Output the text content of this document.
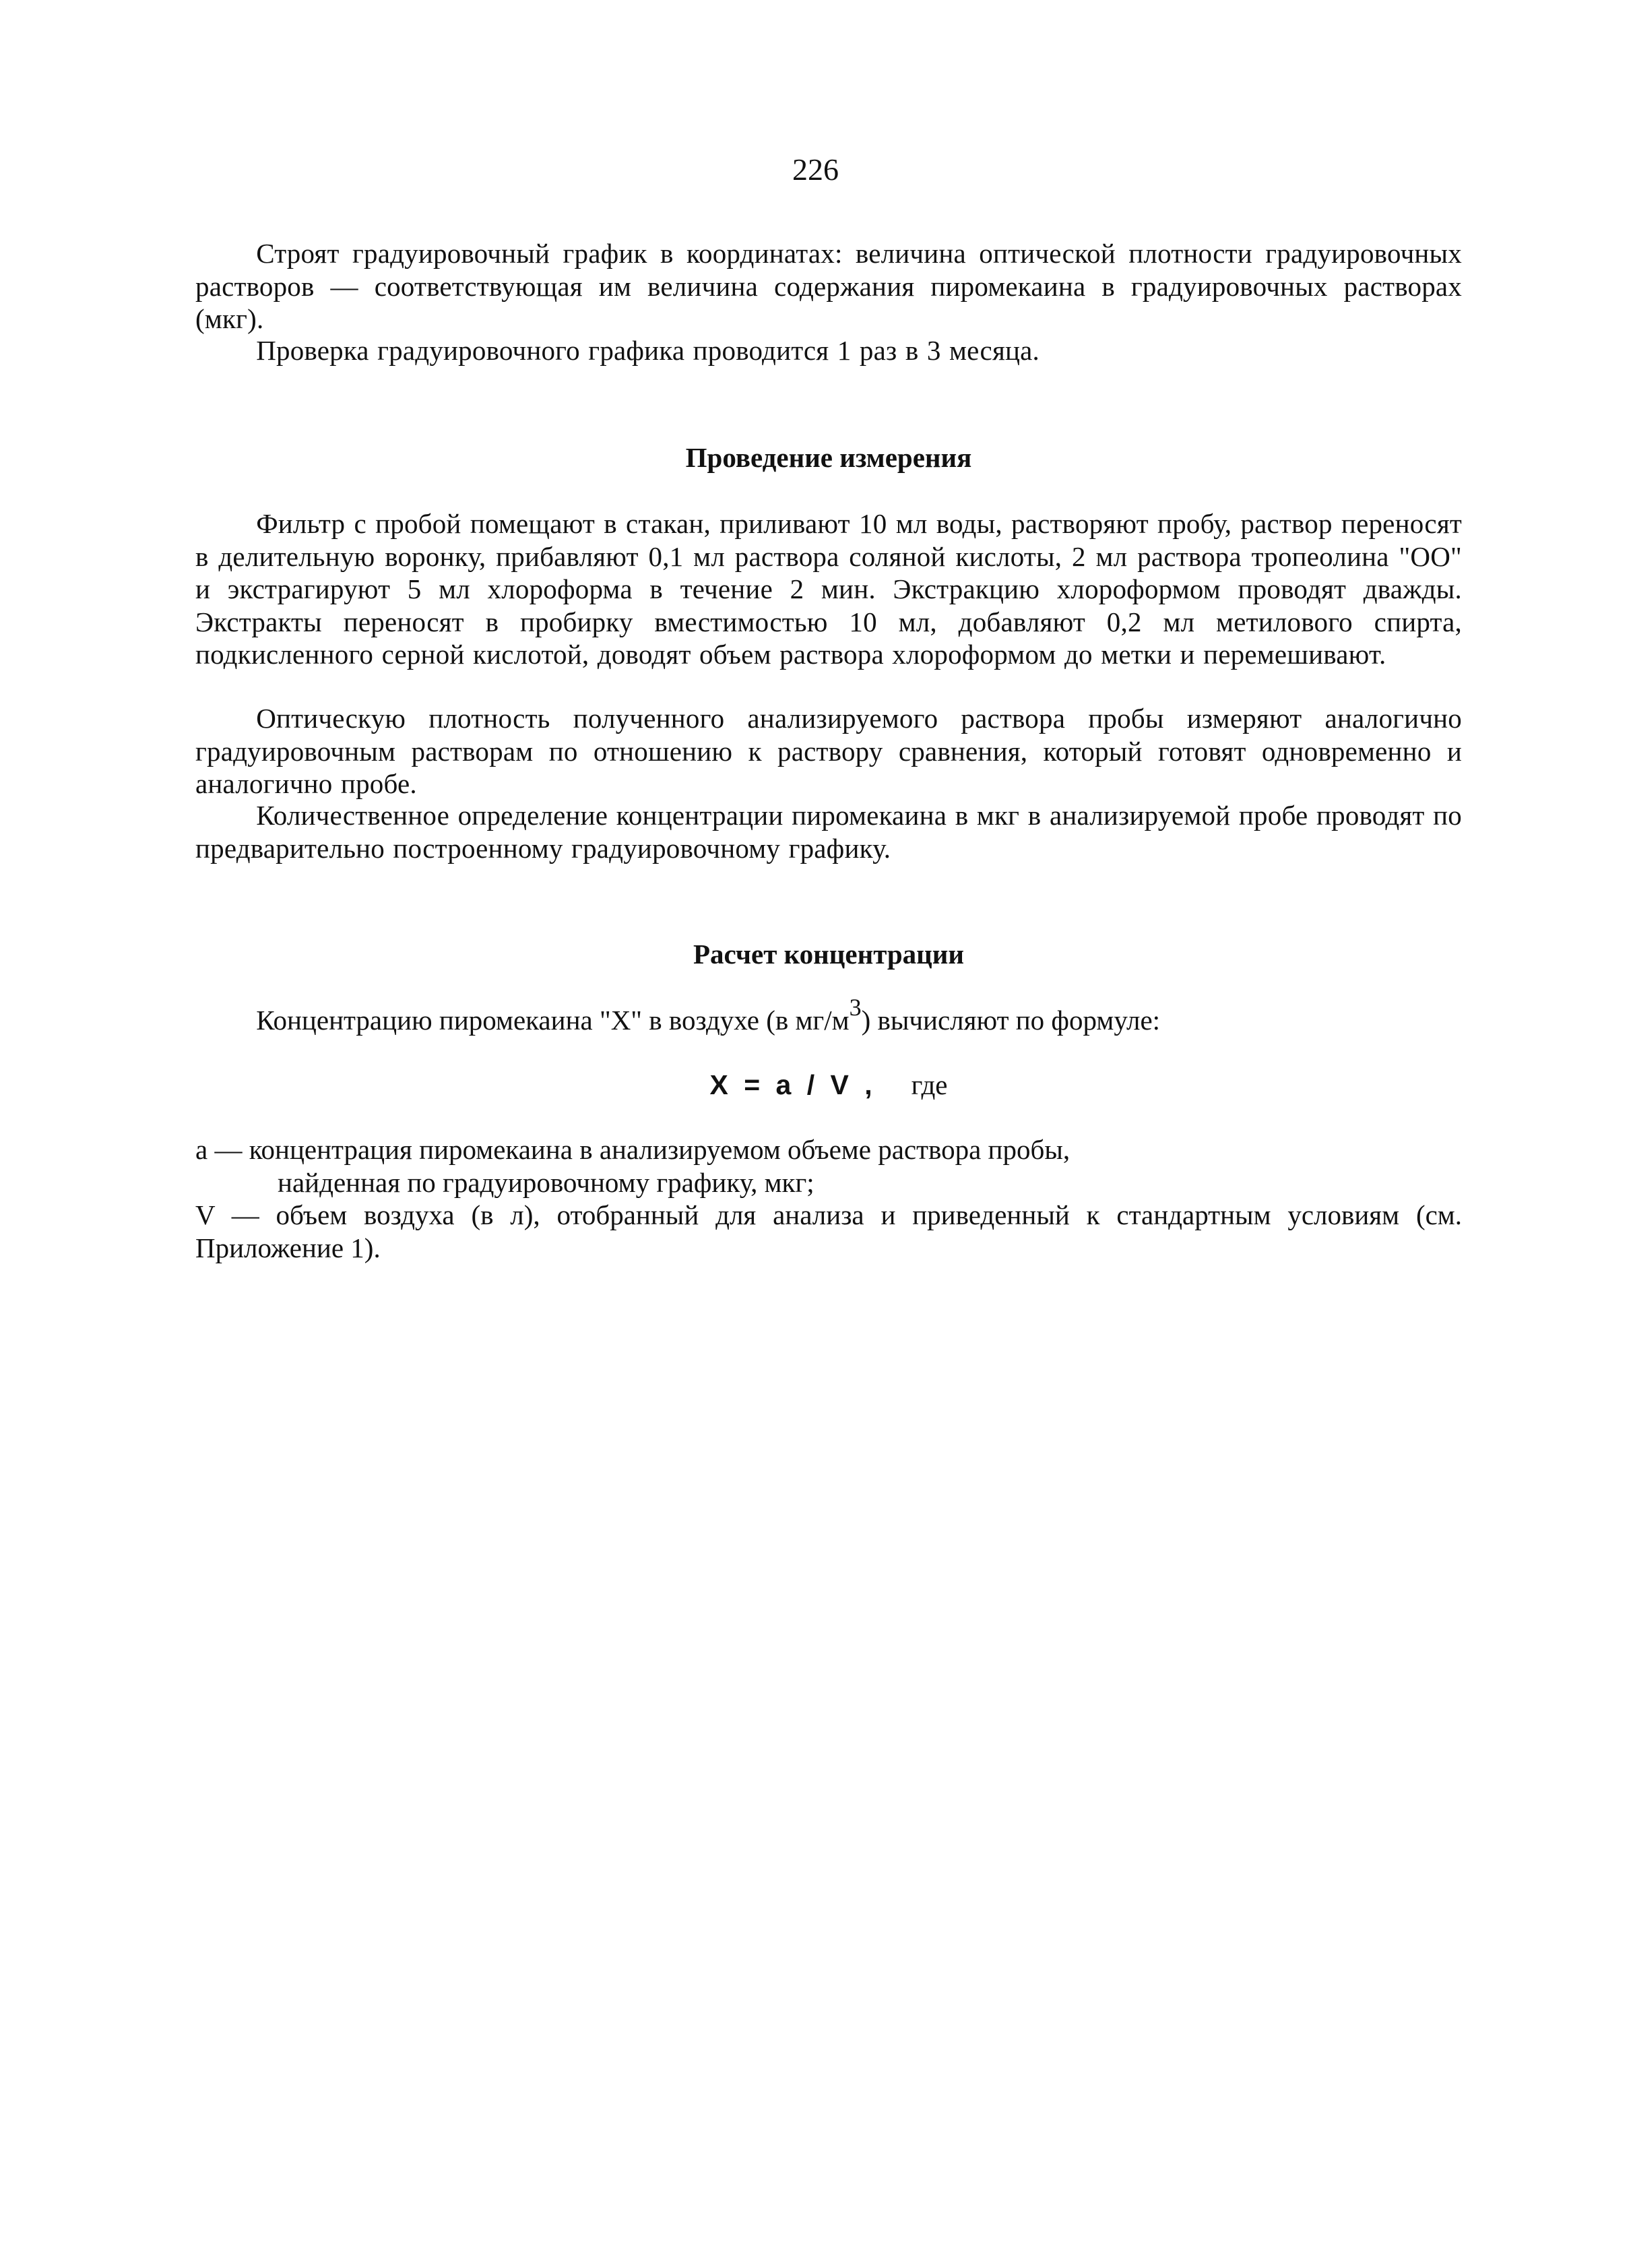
226

Строят градуировочный график в координатах: величина оптической плотности градуировочных растворов — соответствующая им величина содержания пиромекаина в градуировочных растворах (мкг).

Проверка градуировочного графика проводится 1 раз в 3 месяца.

Проведение измерения

Фильтр с пробой помещают в стакан, приливают 10 мл воды, растворяют пробу, раствор переносят в делительную воронку, прибавляют 0,1 мл раствора соляной кислоты, 2 мл раствора тропеолина "ОО" и экстрагируют 5 мл хлороформа в течение 2 мин. Экстракцию хлороформом проводят дважды. Экстракты переносят в пробирку вместимостью 10 мл, добавляют 0,2 мл метилового спирта, подкисленного серной кислотой, доводят объем раствора хлороформом до метки и перемешивают.

Оптическую плотность полученного анализируемого раствора пробы измеряют аналогично градуировочным растворам по отношению к раствору сравнения, который готовят одновременно и аналогично пробе.

Количественное определение концентрации пиромекаина в мкг в анализируемой пробе проводят по предварительно построенному градуировочному графику.

Расчет концентрации

Концентрацию пиромекаина "X" в воздухе (в $мг/м^3$) вычисляют по формуле:

X = a / V , где

a — концентрация пиромекаина в анализируемом объеме раствора пробы,
найденная по градуировочному графику, мкг;
V — объем воздуха (в л), отобранный для анализа и приведенный к стандартным условиям (см. Приложение 1).
